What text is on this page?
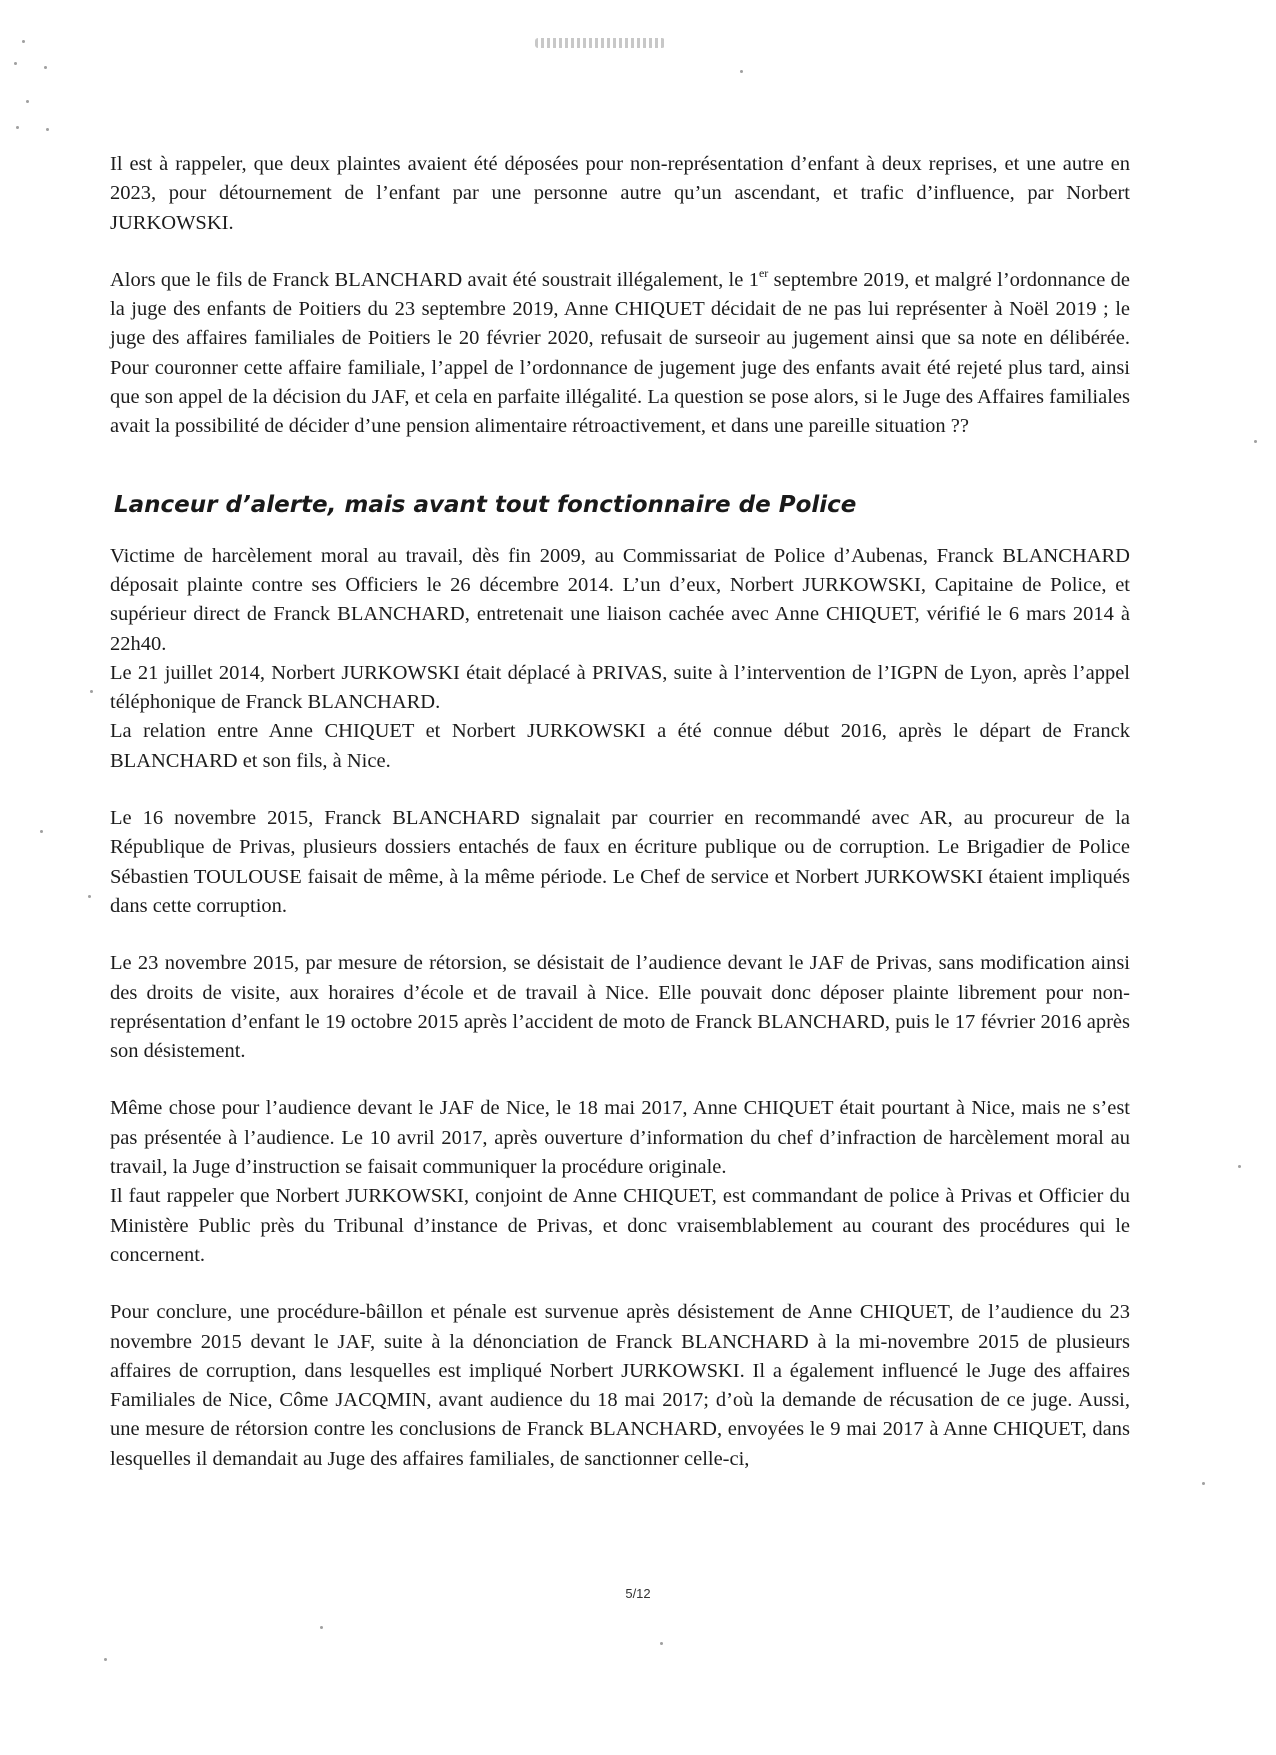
Il est à rappeler, que deux plaintes avaient été déposées pour non-représentation d’enfant à deux reprises, et une autre en 2023, pour détournement de l’enfant par une personne autre qu’un ascendant, et trafic d’influence, par Norbert JURKOWSKI.

Alors que le fils de Franck BLANCHARD avait été soustrait illégalement, le 1er septembre 2019, et malgré l’ordonnance de la juge des enfants de Poitiers du 23 septembre 2019, Anne CHIQUET décidait de ne pas lui représenter à Noël 2019 ; le juge des affaires familiales de Poitiers le 20 février 2020, refusait de surseoir au jugement ainsi que sa note en délibérée. Pour couronner cette affaire familiale, l’appel de l’ordonnance de jugement juge des enfants avait été rejeté plus tard, ainsi que son appel de la décision du JAF, et cela en parfaite illégalité. La question se pose alors, si le Juge des Affaires familiales avait la possibilité de décider d’une pension alimentaire rétroactivement, et dans une pareille situation ??

Lanceur d’alerte, mais avant tout fonctionnaire de Police

Victime de harcèlement moral au travail, dès fin 2009, au Commissariat de Police d’Aubenas, Franck BLANCHARD déposait plainte contre ses Officiers le 26 décembre 2014. L’un d’eux, Norbert JURKOWSKI, Capitaine de Police, et supérieur direct de Franck BLANCHARD, entretenait une liaison cachée avec Anne CHIQUET, vérifié le 6 mars 2014 à 22h40.

Le 21 juillet 2014, Norbert JURKOWSKI était déplacé à PRIVAS, suite à l’intervention de l’IGPN de Lyon, après l’appel téléphonique de Franck BLANCHARD.

La relation entre Anne CHIQUET et Norbert JURKOWSKI a été connue début 2016, après le départ de Franck BLANCHARD et son fils, à Nice.

Le 16 novembre 2015, Franck BLANCHARD signalait par courrier en recommandé avec AR, au procureur de la République de Privas, plusieurs dossiers entachés de faux en écriture publique ou de corruption. Le Brigadier de Police Sébastien TOULOUSE faisait de même, à la même période. Le Chef de service et Norbert JURKOWSKI étaient impliqués dans cette corruption.

Le 23 novembre 2015, par mesure de rétorsion, se désistait de l’audience devant le JAF de Privas, sans modification ainsi des droits de visite, aux horaires d’école et de travail à Nice. Elle pouvait donc déposer plainte librement pour non-représentation d’enfant le 19 octobre 2015 après l’accident de moto de Franck BLANCHARD, puis le 17 février 2016 après son désistement.

Même chose pour l’audience devant le JAF de Nice, le 18 mai 2017, Anne CHIQUET était pourtant à Nice, mais ne s’est pas présentée à l’audience. Le 10 avril 2017, après ouverture d’information du chef d’infraction de harcèlement moral au travail, la Juge d’instruction se faisait communiquer la procédure originale.

Il faut rappeler que Norbert JURKOWSKI, conjoint de Anne CHIQUET, est commandant de police à Privas et Officier du Ministère Public près du Tribunal d’instance de Privas, et donc vraisemblablement au courant des procédures qui le concernent.

Pour conclure, une procédure-bâillon et pénale est survenue après désistement de Anne CHIQUET, de l’audience du 23 novembre 2015 devant le JAF, suite à la dénonciation de Franck BLANCHARD à la mi-novembre 2015 de plusieurs affaires de corruption, dans lesquelles est impliqué Norbert JURKOWSKI. Il a également influencé le Juge des affaires Familiales de Nice, Côme JACQMIN, avant audience du 18 mai 2017; d’où la demande de récusation de ce juge. Aussi, une mesure de rétorsion contre les conclusions de Franck BLANCHARD, envoyées le 9 mai 2017 à Anne CHIQUET, dans lesquelles il demandait au Juge des affaires familiales, de sanctionner celle-ci,

5/12
